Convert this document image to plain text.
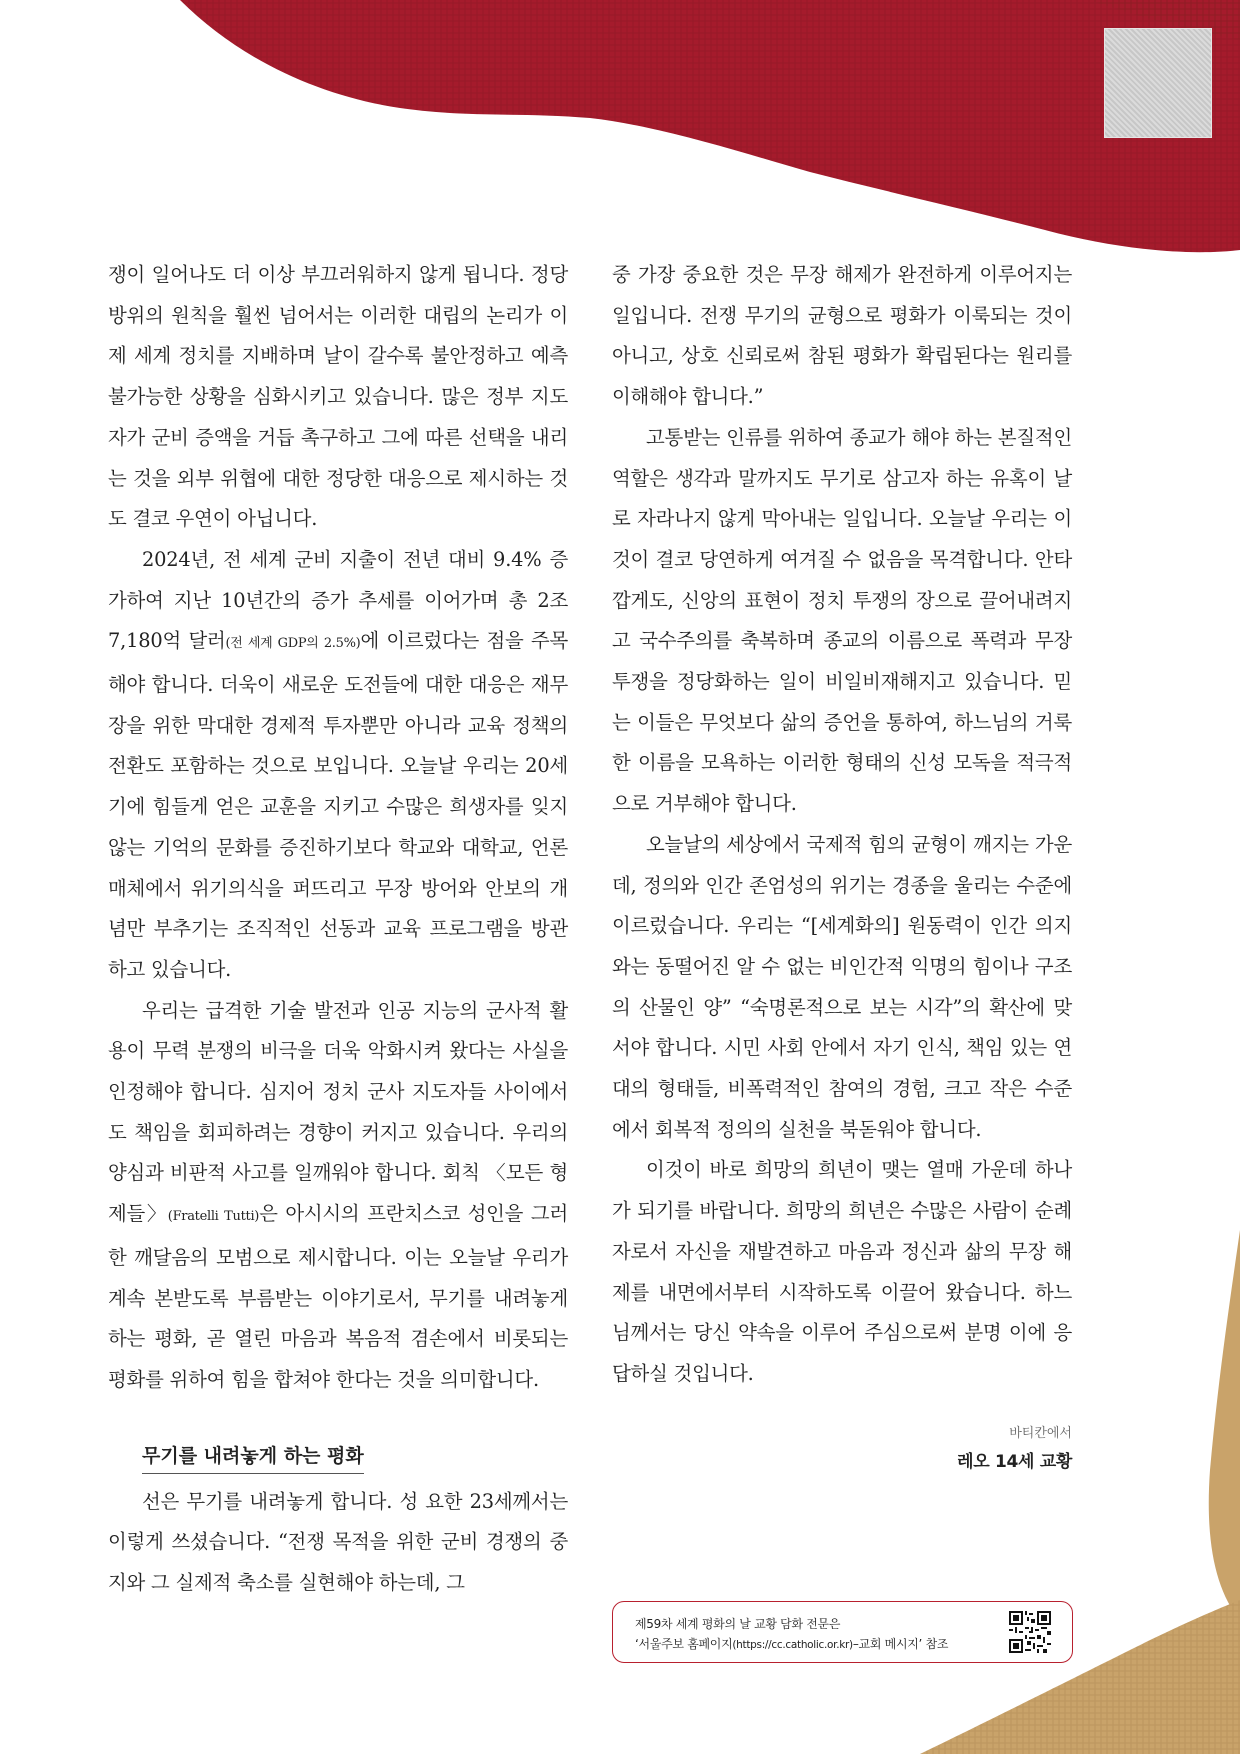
쟁이 일어나도 더 이상 부끄러워하지 않게 됩니다. 정당방위의 원칙을 훨씬 넘어서는 이러한 대립의 논리가 이제 세계 정치를 지배하며 날이 갈수록 불안정하고 예측 불가능한 상황을 심화시키고 있습니다. 많은 정부 지도자가 군비 증액을 거듭 촉구하고 그에 따른 선택을 내리는 것을 외부 위협에 대한 정당한 대응으로 제시하는 것도 결코 우연이 아닙니다.

2024년, 전 세계 군비 지출이 전년 대비 9.4% 증가하여 지난 10년간의 증가 추세를 이어가며 총 2조 7,180억 달러(전 세계 GDP의 2.5%)에 이르렀다는 점을 주목해야 합니다. 더욱이 새로운 도전들에 대한 대응은 재무장을 위한 막대한 경제적 투자뿐만 아니라 교육 정책의 전환도 포함하는 것으로 보입니다. 오늘날 우리는 20세기에 힘들게 얻은 교훈을 지키고 수많은 희생자를 잊지 않는 기억의 문화를 증진하기보다 학교와 대학교, 언론 매체에서 위기의식을 퍼뜨리고 무장 방어와 안보의 개념만 부추기는 조직적인 선동과 교육 프로그램을 방관하고 있습니다.

우리는 급격한 기술 발전과 인공 지능의 군사적 활용이 무력 분쟁의 비극을 더욱 악화시켜 왔다는 사실을 인정해야 합니다. 심지어 정치 군사 지도자들 사이에서도 책임을 회피하려는 경향이 커지고 있습니다. 우리의 양심과 비판적 사고를 일깨워야 합니다. 회칙 〈모든 형제들〉(Fratelli Tutti)은 아시시의 프란치스코 성인을 그러한 깨달음의 모범으로 제시합니다. 이는 오늘날 우리가 계속 본받도록 부름받는 이야기로서, 무기를 내려놓게 하는 평화, 곧 열린 마음과 복음적 겸손에서 비롯되는 평화를 위하여 힘을 합쳐야 한다는 것을 의미합니다.

무기를 내려놓게 하는 평화

선은 무기를 내려놓게 합니다. 성 요한 23세께서는 이렇게 쓰셨습니다. “전쟁 목적을 위한 군비 경쟁의 중지와 그 실제적 축소를 실현해야 하는데, 그

중 가장 중요한 것은 무장 해제가 완전하게 이루어지는 일입니다. 전쟁 무기의 균형으로 평화가 이룩되는 것이 아니고, 상호 신뢰로써 참된 평화가 확립된다는 원리를 이해해야 합니다.”

고통받는 인류를 위하여 종교가 해야 하는 본질적인 역할은 생각과 말까지도 무기로 삼고자 하는 유혹이 날로 자라나지 않게 막아내는 일입니다. 오늘날 우리는 이것이 결코 당연하게 여겨질 수 없음을 목격합니다. 안타깝게도, 신앙의 표현이 정치 투쟁의 장으로 끌어내려지고 국수주의를 축복하며 종교의 이름으로 폭력과 무장 투쟁을 정당화하는 일이 비일비재해지고 있습니다. 믿는 이들은 무엇보다 삶의 증언을 통하여, 하느님의 거룩한 이름을 모욕하는 이러한 형태의 신성 모독을 적극적으로 거부해야 합니다.

오늘날의 세상에서 국제적 힘의 균형이 깨지는 가운데, 정의와 인간 존엄성의 위기는 경종을 울리는 수준에 이르렀습니다. 우리는 “[세계화의] 원동력이 인간 의지와는 동떨어진 알 수 없는 비인간적 익명의 힘이나 구조의 산물인 양” “숙명론적으로 보는 시각”의 확산에 맞서야 합니다. 시민 사회 안에서 자기 인식, 책임 있는 연대의 형태들, 비폭력적인 참여의 경험, 크고 작은 수준에서 회복적 정의의 실천을 북돋워야 합니다.

이것이 바로 희망의 희년이 맺는 열매 가운데 하나가 되기를 바랍니다. 희망의 희년은 수많은 사람이 순례자로서 자신을 재발견하고 마음과 정신과 삶의 무장 해제를 내면에서부터 시작하도록 이끌어 왔습니다. 하느님께서는 당신 약속을 이루어 주심으로써 분명 이에 응답하실 것입니다.

바티칸에서
레오 14세 교황
제59차 세계 평화의 날 교황 담화 전문은
‘서울주보 홈페이지(https://cc.catholic.or.kr)–교회 메시지’ 참조
